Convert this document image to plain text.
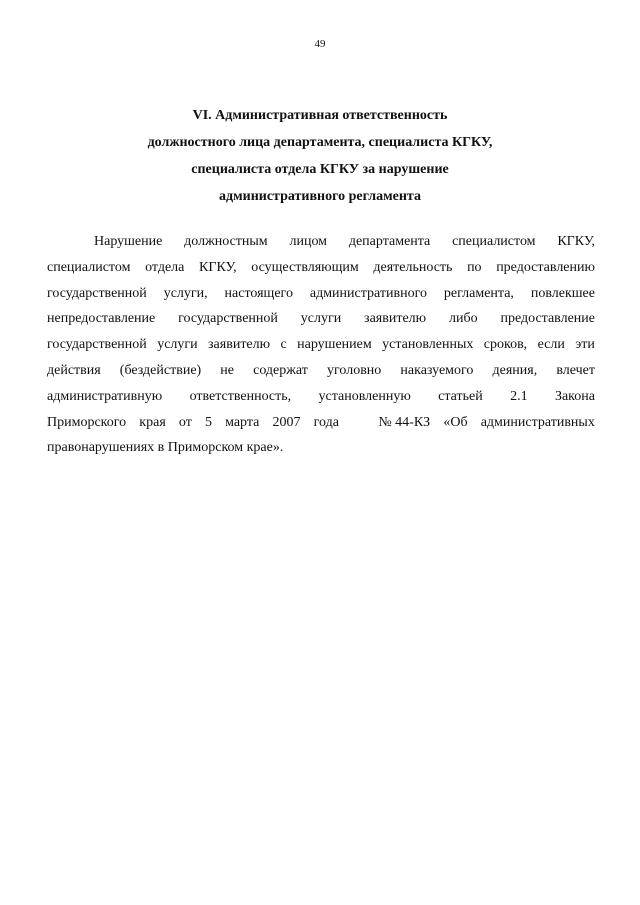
49
VI. Административная ответственность
должностного лица департамента, специалиста КГКУ,
специалиста отдела КГКУ за нарушение
административного регламента
Нарушение должностным лицом департамента специалистом КГКУ,
специалистом отдела КГКУ, осуществляющим деятельность по предоставлению
государственной услуги, настоящего административного регламента, повлекшее
непредоставление государственной услуги заявителю либо предоставление
государственной услуги заявителю с нарушением установленных сроков, если эти
действия (бездействие) не содержат уголовно наказуемого деяния, влечет
административную ответственность, установленную статьей 2.1 Закона
Приморского края от 5 марта 2007 года	№ 44-КЗ «Об административных
правонарушениях в Приморском крае».
